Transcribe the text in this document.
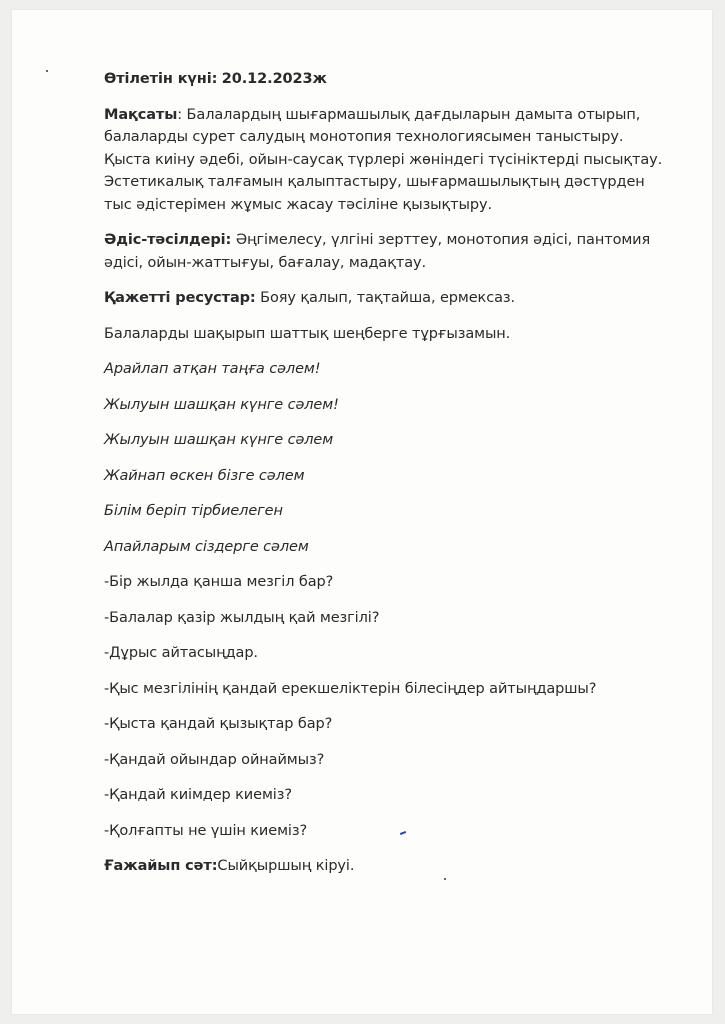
Өтілетін күні: 20.12.2023ж

Мақсаты: Балалардың шығармашылық дағдыларын дамыта отырып, балаларды сурет салудың монотопия технологиясымен таныстыру. Қыста киіну әдебі, ойын-саусақ түрлері жөніндегі түсініктерді пысықтау. Эстетикалық талғамын қалыптастыру, шығармашылықтың дәстүрден тыс әдістерімен жұмыс жасау тәсіліне қызықтыру.

Әдіс-тәсілдері: Әңгімелесу, үлгіні зерттеу, монотопия әдісі, пантомия әдісі, ойын-жаттығуы, бағалау, мадақтау.

Қажетті ресустар: Бояу қалып, тақтайша, ермексаз.

Балаларды шақырып шаттық шеңберге тұрғызамын.

Арайлап атқан таңға сәлем!

Жылуын шашқан күнге сәлем!

Жылуын шашқан күнге сәлем

Жайнап өскен бізге сәлем

Білім беріп тірбиелеген

Апайларым сіздерге сәлем

-Бір жылда қанша мезгіл бар?

-Балалар қазір жылдың қай мезгілі?

-Дұрыс айтасыңдар.

-Қыс мезгілінің қандай ерекшеліктерін білесіңдер айтыңдаршы?

-Қыста қандай қызықтар бар?

-Қандай ойындар ойнаймыз?

-Қандай киімдер киеміз?

-Қолғапты не үшін киеміз?

Ғажайып сәт:Сыйқыршың кіруі.
